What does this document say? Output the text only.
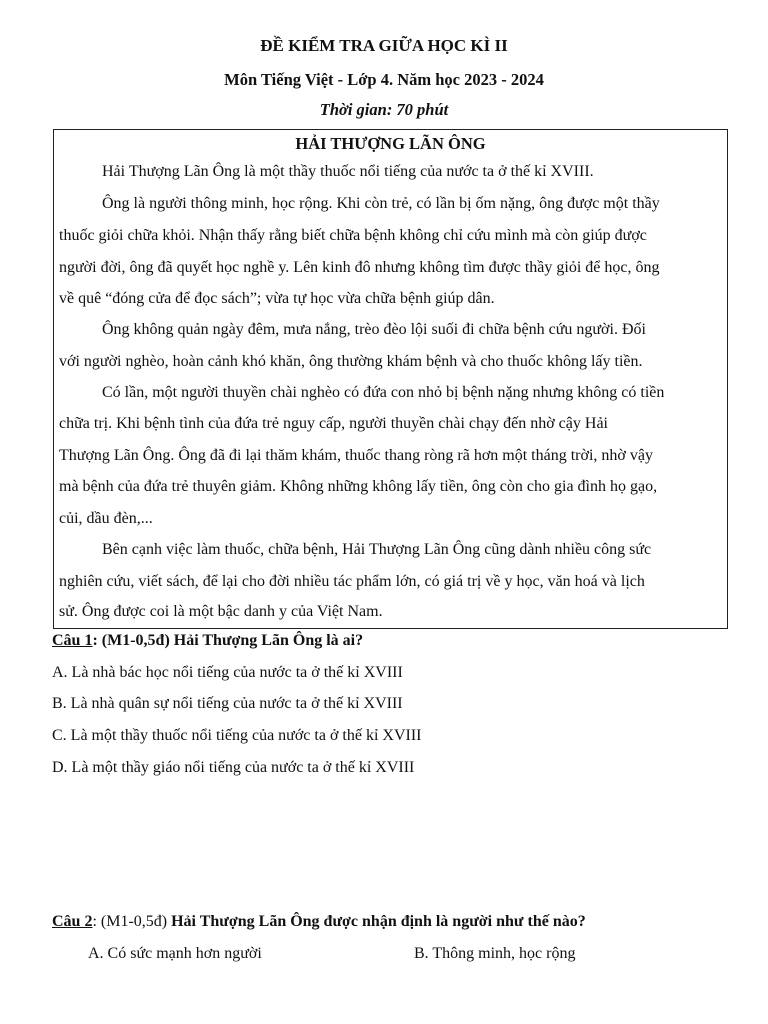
ĐỀ KIỂM TRA GIỮA HỌC KÌ II
Môn Tiếng Việt - Lớp 4. Năm học 2023 - 2024
Thời gian: 70 phút
HẢI THƯỢNG LÃN ÔNG
Hải Thượng Lãn Ông là một thầy thuốc nổi tiếng của nước ta ở thế kỉ XVIII.
Ông là người thông minh, học rộng. Khi còn trẻ, có lần bị ốm nặng, ông được một thầy
thuốc giỏi chữa khỏi. Nhận thấy rằng biết chữa bệnh không chỉ cứu mình mà còn giúp được
người đời, ông đã quyết học nghề y. Lên kinh đô nhưng không tìm được thầy giỏi để học, ông
về quê “đóng cửa để đọc sách”; vừa tự học vừa chữa bệnh giúp dân.
Ông không quản ngày đêm, mưa nắng, trèo đèo lội suối đi chữa bệnh cứu người. Đối
với người nghèo, hoàn cảnh khó khăn, ông thường khám bệnh và cho thuốc không lấy tiền.
Có lần, một người thuyền chài nghèo có đứa con nhỏ bị bệnh nặng nhưng không có tiền
chữa trị. Khi bệnh tình của đứa trẻ nguy cấp, người thuyền chài chạy đến nhờ cậy Hải
Thượng Lãn Ông. Ông đã đi lại thăm khám, thuốc thang ròng rã hơn một tháng trời, nhờ vậy
mà bệnh của đứa trẻ thuyên giảm. Không những không lấy tiền, ông còn cho gia đình họ gạo,
củi, dầu đèn,...
Bên cạnh việc làm thuốc, chữa bệnh, Hải Thượng Lãn Ông cũng dành nhiều công sức
nghiên cứu, viết sách, để lại cho đời nhiều tác phẩm lớn, có giá trị về y học, văn hoá và lịch
sử. Ông được coi là một bậc danh y của Việt Nam.
Câu 1: (M1-0,5đ) Hải Thượng Lãn Ông là ai?
A. Là nhà bác học nổi tiếng của nước ta ở thế kỉ XVIII
B. Là nhà quân sự nổi tiếng của nước ta ở thế kỉ XVIII
C. Là một thầy thuốc nổi tiếng của nước ta ở thế kỉ XVIII
D. Là một thầy giáo nổi tiếng của nước ta ở thế kỉ XVIII
Câu 2: (M1-0,5đ) Hải Thượng Lãn Ông được nhận định là người như thế nào?
A. Có sức mạnh hơn người	B. Thông minh, học rộng
